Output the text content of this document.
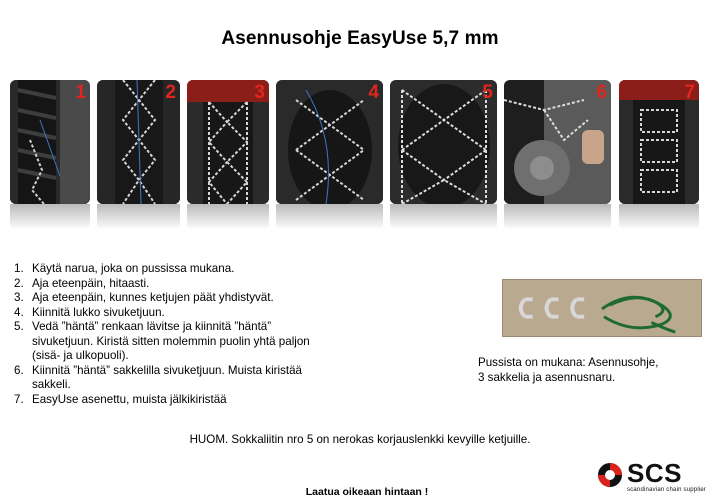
Asennusohje EasyUse 5,7 mm
1	2	3	4	5	6	7
1. Käytä narua, joka on pussissa mukana.
2. Aja eteenpäin, hitaasti.
3. Aja eteenpäin, kunnes ketjujen päät yhdistyvät.
4. Kiinnitä lukko sivuketjuun.
5. Vedä ”häntä” renkaan lävitse ja kiinnitä ”häntä” sivuketjuun. Kiristä sitten molemmin puolin yhtä paljon (sisä- ja ulkopuoli).
6. Kiinnitä ”häntä” sakkelilla sivuketjuun. Muista kiristää sakkeli.
7. EasyUse asenettu, muista jälkikiristää
Pussista on mukana: Asennusohje,
3 sakkelia ja asennusnaru.
HUOM. Sokkaliitin nro 5 on nerokas korjauslenkki kevyille ketjuille.
SCS
scandinavian chain supplier
Laatua oikeaan hintaan !
